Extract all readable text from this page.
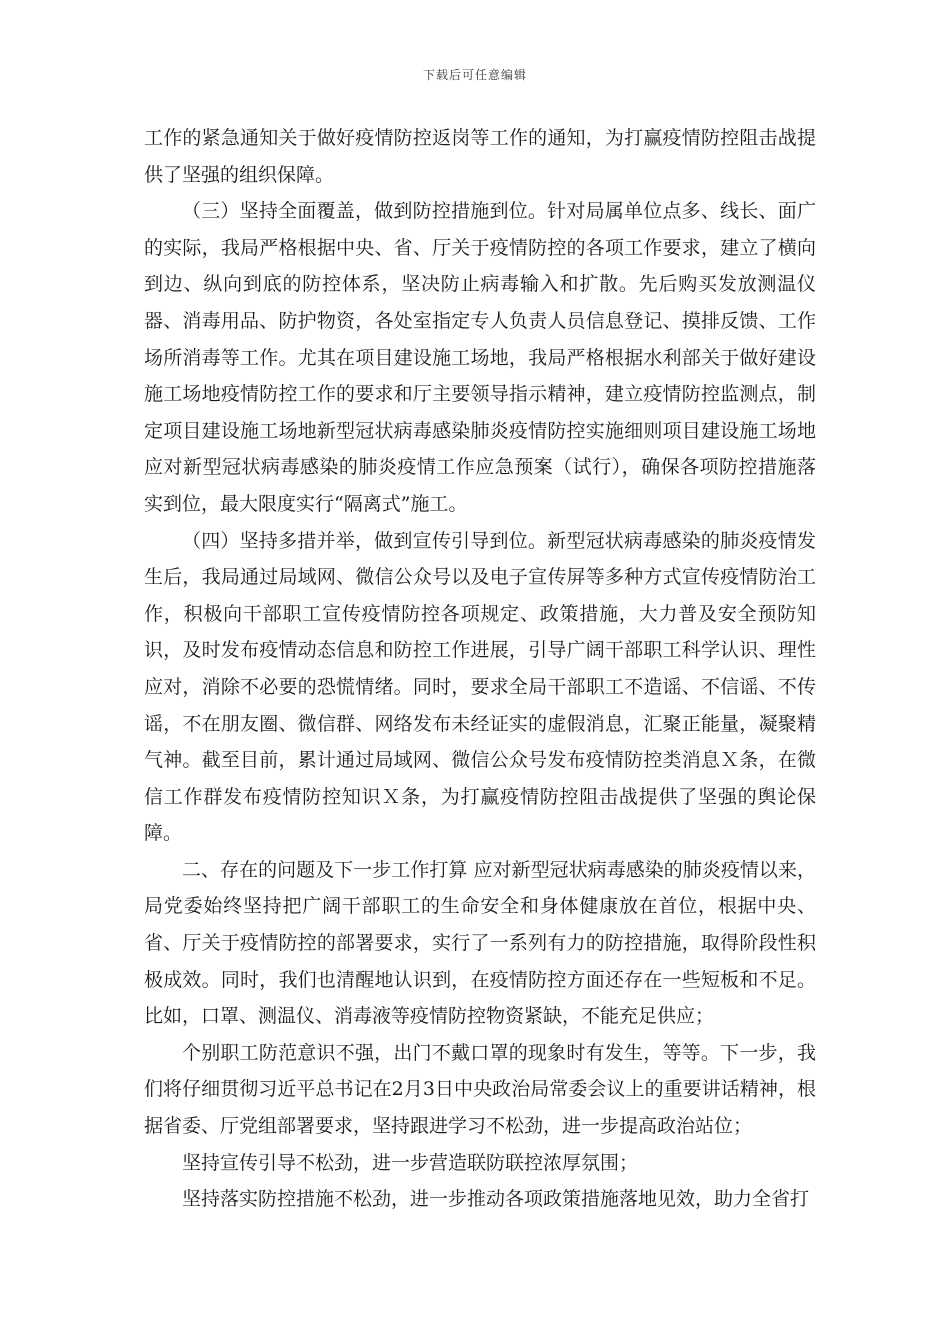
下载后可任意编辑

工作的紧急通知关于做好疫情防控返岗等工作的通知，为打赢疫情防控阻击战提供了坚强的组织保障。

（三）坚持全面覆盖，做到防控措施到位。针对局属单位点多、线长、面广的实际，我局严格根据中央、省、厅关于疫情防控的各项工作要求，建立了横向到边、纵向到底的防控体系，坚决防止病毒输入和扩散。先后购买发放测温仪器、消毒用品、防护物资，各处室指定专人负责人员信息登记、摸排反馈、工作场所消毒等工作。尤其在项目建设施工场地，我局严格根据水利部关于做好建设施工场地疫情防控工作的要求和厅主要领导指示精神，建立疫情防控监测点，制定项目建设施工场地新型冠状病毒感染肺炎疫情防控实施细则项目建设施工场地应对新型冠状病毒感染的肺炎疫情工作应急预案（试行），确保各项防控措施落实到位，最大限度实行“隔离式”施工。

（四）坚持多措并举，做到宣传引导到位。新型冠状病毒感染的肺炎疫情发生后，我局通过局域网、微信公众号以及电子宣传屏等多种方式宣传疫情防治工作，积极向干部职工宣传疫情防控各项规定、政策措施，大力普及安全预防知识，及时发布疫情动态信息和防控工作进展，引导广阔干部职工科学认识、理性应对，消除不必要的恐慌情绪。同时，要求全局干部职工不造谣、不信谣、不传谣，不在朋友圈、微信群、网络发布未经证实的虚假消息，汇聚正能量，凝聚精气神。截至目前，累计通过局域网、微信公众号发布疫情防控类消息Ｘ条，在微信工作群发布疫情防控知识Ｘ条，为打赢疫情防控阻击战提供了坚强的舆论保障。

二、存在的问题及下一步工作打算 应对新型冠状病毒感染的肺炎疫情以来，局党委始终坚持把广阔干部职工的生命安全和身体健康放在首位，根据中央、省、厅关于疫情防控的部署要求，实行了一系列有力的防控措施，取得阶段性积极成效。同时，我们也清醒地认识到，在疫情防控方面还存在一些短板和不足。比如，口罩、测温仪、消毒液等疫情防控物资紧缺，不能充足供应；

个别职工防范意识不强，出门不戴口罩的现象时有发生，等等。下一步，我们将仔细贯彻习近平总书记在2月3日中央政治局常委会议上的重要讲话精神，根据省委、厅党组部署要求，坚持跟进学习不松劲，进一步提高政治站位；

坚持宣传引导不松劲，进一步营造联防联控浓厚氛围；

坚持落实防控措施不松劲，进一步推动各项政策措施落地见效，助力全省打
